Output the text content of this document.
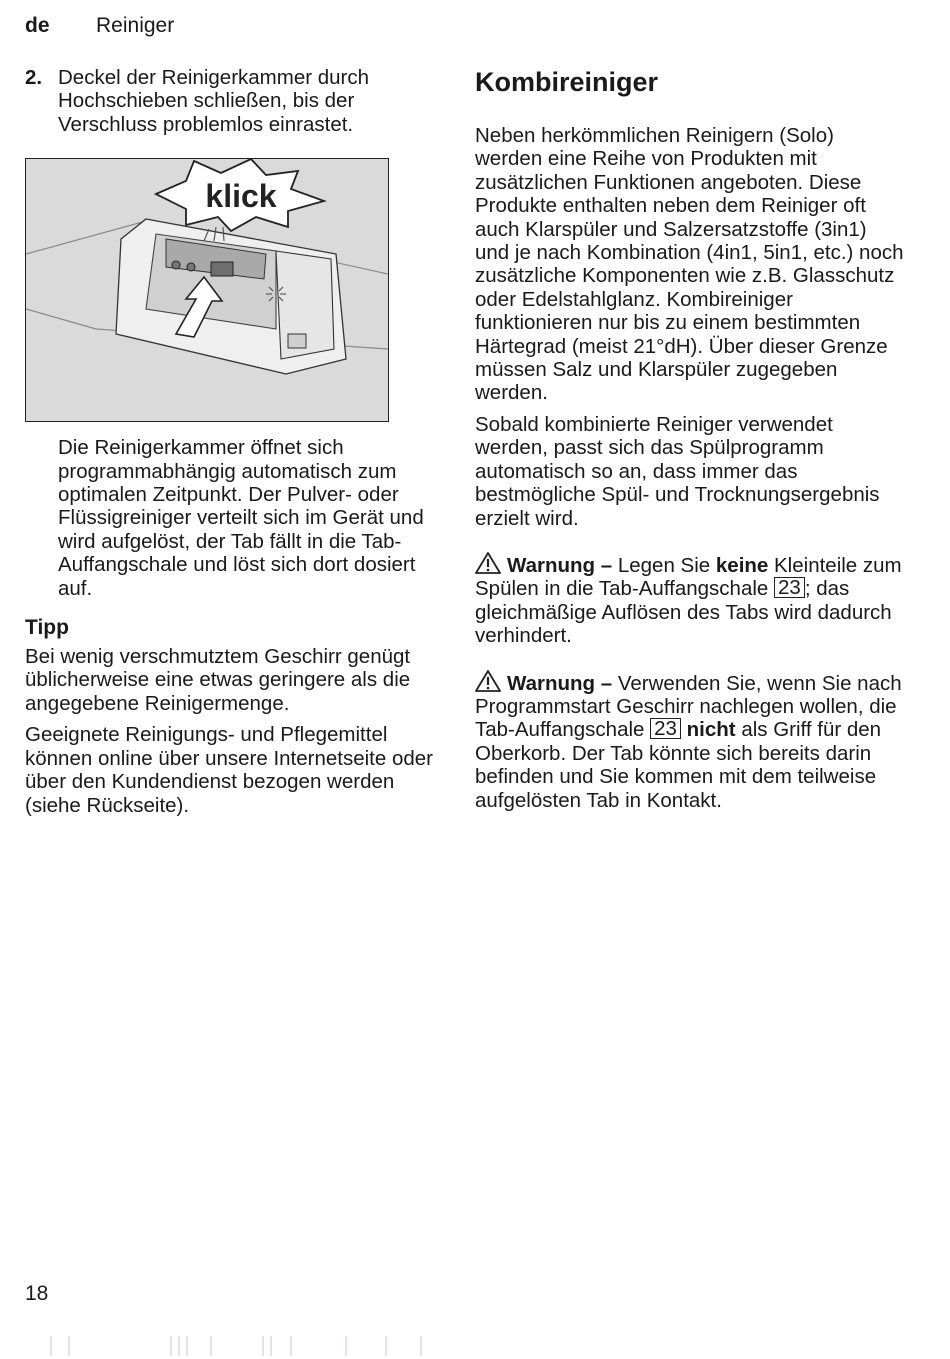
de Reiniger
2. Deckel der Reinigerkammer durch Hochschieben schließen, bis der Verschluss problemlos einrastet.
klick

Die Reinigerkammer öffnet sich programmabhängig automatisch zum optimalen Zeitpunkt. Der Pulver- oder Flüssigreiniger verteilt sich im Gerät und wird aufgelöst, der Tab fällt in die Tab-Auffangschale und löst sich dort dosiert auf.

Tipp

Bei wenig verschmutztem Geschirr genügt üblicherweise eine etwas geringere als die angegebene Reinigermenge.

Geeignete Reinigungs- und Pflegemittel können online über unsere Internetseite oder über den Kundendienst bezogen werden (siehe Rückseite).

Kombireiniger

Neben herkömmlichen Reinigern (Solo) werden eine Reihe von Produkten mit zusätzlichen Funktionen angeboten. Diese Produkte enthalten neben dem Reiniger oft auch Klarspüler und Salzersatzstoffe (3in1) und je nach Kombination (4in1, 5in1, etc.) noch zusätzliche Komponenten wie z.B. Glasschutz oder Edelstahlglanz. Kombireiniger funktionieren nur bis zu einem bestimmten Härtegrad (meist 21°dH). Über dieser Grenze müssen Salz und Klarspüler zugegeben werden.

Sobald kombinierte Reiniger verwendet werden, passt sich das Spülprogramm automatisch so an, dass immer das bestmögliche Spül- und Trocknungsergebnis erzielt wird.

Warnung – Legen Sie keine Kleinteile zum Spülen in die Tab-Auffangschale 23 ; das gleichmäßige Auflösen des Tabs wird dadurch verhindert.

Warnung – Verwenden Sie, wenn Sie nach Programmstart Geschirr nachlegen wollen, die Tab-Auffangschale 23 nicht als Griff für den Oberkorb. Der Tab könnte sich bereits darin befinden und Sie kommen mit dem teilweise aufgelösten Tab in Kontakt.

18
